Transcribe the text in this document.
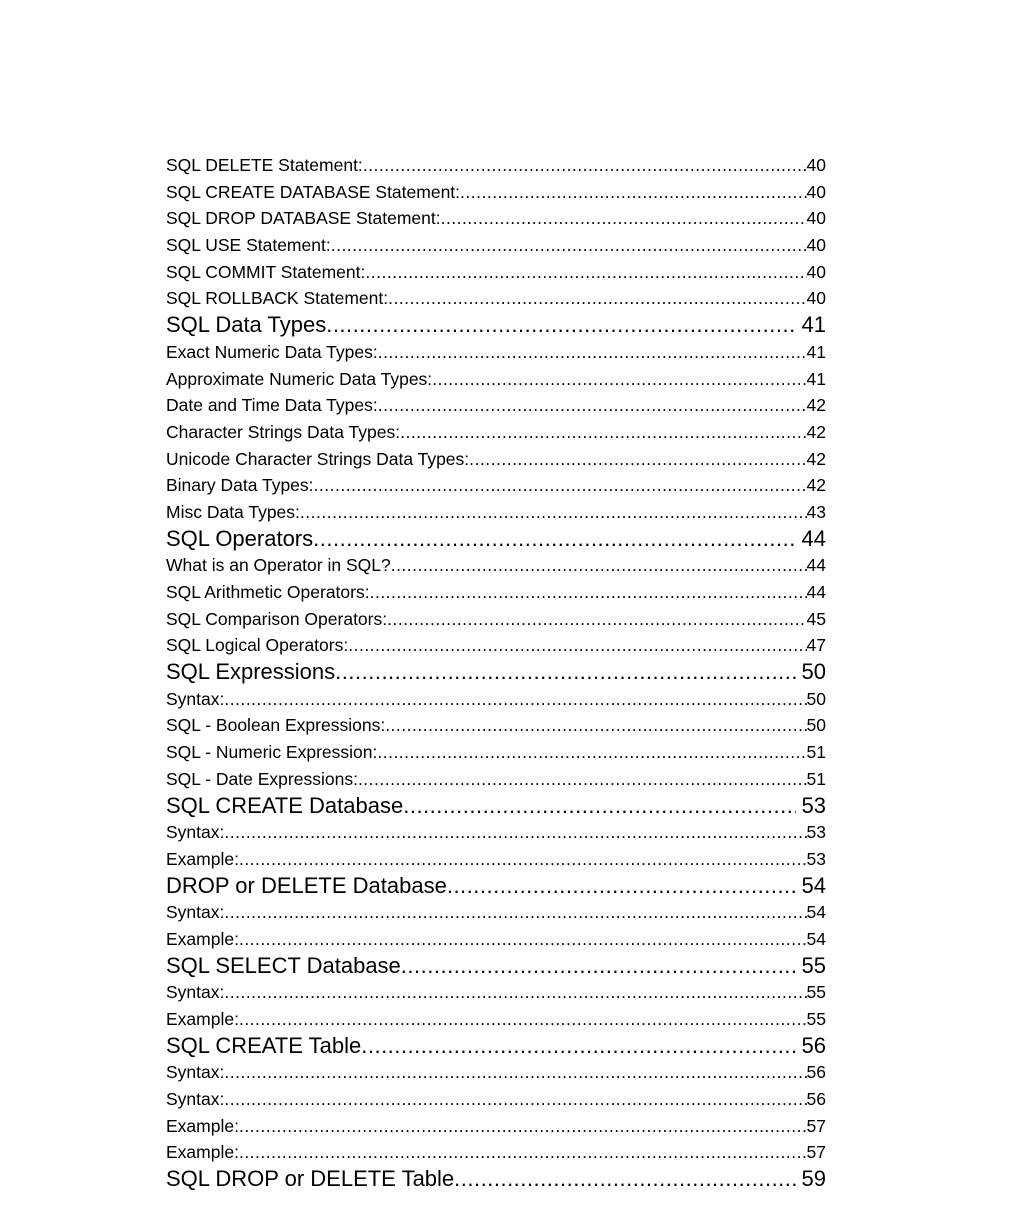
SQL DELETE Statement: .....	40
SQL CREATE DATABASE Statement: .....	40
SQL DROP DATABASE Statement: .....	40
SQL USE Statement: .....	40
SQL COMMIT Statement: .....	40
SQL ROLLBACK Statement: .....	40
SQL Data Types .....	41
Exact Numeric Data Types: .....	41
Approximate Numeric Data Types: .....	41
Date and Time Data Types: .....	42
Character Strings Data Types: .....	42
Unicode Character Strings Data Types: .....	42
Binary Data Types: .....	42
Misc Data Types: .....	43
SQL Operators .....	44
What is an Operator in SQL? .....	44
SQL Arithmetic Operators: .....	44
SQL Comparison Operators: .....	45
SQL Logical Operators: .....	47
SQL Expressions .....	50
Syntax: .....	50
SQL - Boolean Expressions: .....	50
SQL - Numeric Expression: .....	51
SQL - Date Expressions: .....	51
SQL CREATE Database .....	53
Syntax: .....	53
Example: .....	53
DROP or DELETE Database .....	54
Syntax: .....	54
Example: .....	54
SQL SELECT Database .....	55
Syntax: .....	55
Example: .....	55
SQL CREATE Table .....	56
Syntax: .....	56
Syntax: .....	56
Example: .....	57
Example: .....	57
SQL DROP or DELETE Table .....	59
